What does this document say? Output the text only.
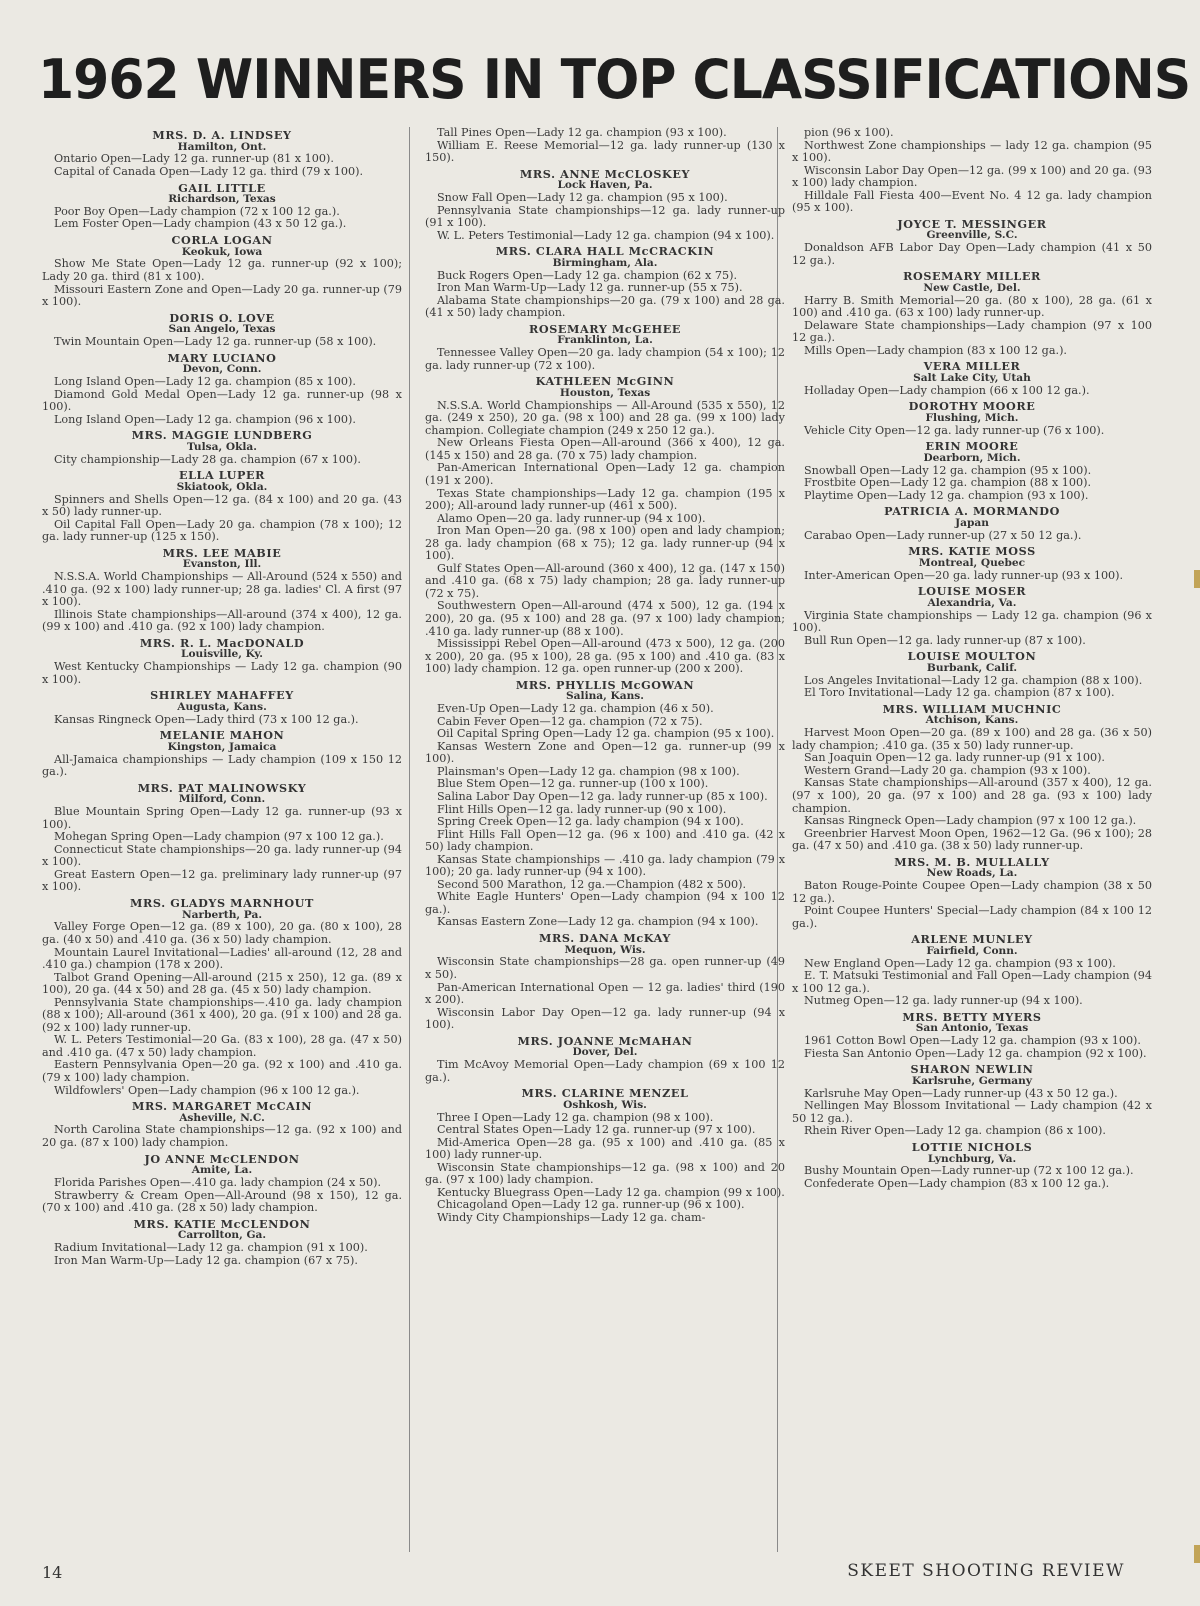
1962 WINNERS IN TOP CLASSIFICATIONS
MRS. D. A. LINDSEY
Hamilton, Ont.

Ontario Open—Lady 12 ga. runner-up (81 x 100).

Capital of Canada Open—Lady 12 ga. third (79 x 100).

GAIL LITTLE
Richardson, Texas

Poor Boy Open—Lady champion (72 x 100 12 ga.).

Lem Foster Open—Lady champion (43 x 50 12 ga.).

CORLA LOGAN
Keokuk, Iowa

Show Me State Open—Lady 12 ga. runner-up (92 x 100); Lady 20 ga. third (81 x 100).

Missouri Eastern Zone and Open—Lady 20 ga. runner-up (79 x 100).

DORIS O. LOVE
San Angelo, Texas

Twin Mountain Open—Lady 12 ga. runner-up (58 x 100).

MARY LUCIANO
Devon, Conn.

Long Island Open—Lady 12 ga. champion (85 x 100).

Diamond Gold Medal Open—Lady 12 ga. runner-up (98 x 100).

Long Island Open—Lady 12 ga. champion (96 x 100).

MRS. MAGGIE LUNDBERG
Tulsa, Okla.

City championship—Lady 28 ga. champion (67 x 100).

ELLA LUPER
Skiatook, Okla.

Spinners and Shells Open—12 ga. (84 x 100) and 20 ga. (43 x 50) lady runner-up.

Oil Capital Fall Open—Lady 20 ga. champion (78 x 100); 12 ga. lady runner-up (125 x 150).

MRS. LEE MABIE
Evanston, Ill.

N.S.S.A. World Championships — All-Around (524 x 550) and .410 ga. (92 x 100) lady runner-up; 28 ga. ladies' Cl. A first (97 x 100).

Illinois State championships—All-around (374 x 400), 12 ga. (99 x 100) and .410 ga. (92 x 100) lady champion.

MRS. R. L. MacDONALD
Louisville, Ky.

West Kentucky Championships — Lady 12 ga. champion (90 x 100).

SHIRLEY MAHAFFEY
Augusta, Kans.

Kansas Ringneck Open—Lady third (73 x 100 12 ga.).

MELANIE MAHON
Kingston, Jamaica

All-Jamaica championships — Lady champion (109 x 150 12 ga.).

MRS. PAT MALINOWSKY
Milford, Conn.

Blue Mountain Spring Open—Lady 12 ga. runner-up (93 x 100).

Mohegan Spring Open—Lady champion (97 x 100 12 ga.).

Connecticut State championships—20 ga. lady runner-up (94 x 100).

Great Eastern Open—12 ga. preliminary lady runner-up (97 x 100).

MRS. GLADYS MARNHOUT
Narberth, Pa.

Valley Forge Open—12 ga. (89 x 100), 20 ga. (80 x 100), 28 ga. (40 x 50) and .410 ga. (36 x 50) lady champion.

Mountain Laurel Invitational—Ladies' all-around (12, 28 and .410 ga.) champion (178 x 200).

Talbot Grand Opening—All-around (215 x 250), 12 ga. (89 x 100), 20 ga. (44 x 50) and 28 ga. (45 x 50) lady champion.

Pennsylvania State championships—.410 ga. lady champion (88 x 100); All-around (361 x 400), 20 ga. (91 x 100) and 28 ga. (92 x 100) lady runner-up.

W. L. Peters Testimonial—20 Ga. (83 x 100), 28 ga. (47 x 50) and .410 ga. (47 x 50) lady champion.

Eastern Pennsylvania Open—20 ga. (92 x 100) and .410 ga. (79 x 100) lady champion.

Wildfowlers' Open—Lady champion (96 x 100 12 ga.).

MRS. MARGARET McCAIN
Asheville, N.C.

North Carolina State championships—12 ga. (92 x 100) and 20 ga. (87 x 100) lady champion.

JO ANNE McCLENDON
Amite, La.

Florida Parishes Open—.410 ga. lady champion (24 x 50).

Strawberry & Cream Open—All-Around (98 x 150), 12 ga. (70 x 100) and .410 ga. (28 x 50) lady champion.

MRS. KATIE McCLENDON
Carrollton, Ga.

Radium Invitational—Lady 12 ga. champion (91 x 100).

Iron Man Warm-Up—Lady 12 ga. champion (67 x 75).

Tall Pines Open—Lady 12 ga. champion (93 x 100).

William E. Reese Memorial—12 ga. lady runner-up (130 x 150).

MRS. ANNE McCLOSKEY
Lock Haven, Pa.

Snow Fall Open—Lady 12 ga. champion (95 x 100).

Pennsylvania State championships—12 ga. lady runner-up (91 x 100).

W. L. Peters Testimonial—Lady 12 ga. champion (94 x 100).

MRS. CLARA HALL McCRACKIN
Birmingham, Ala.

Buck Rogers Open—Lady 12 ga. champion (62 x 75).

Iron Man Warm-Up—Lady 12 ga. runner-up (55 x 75).

Alabama State championships—20 ga. (79 x 100) and 28 ga. (41 x 50) lady champion.

ROSEMARY McGEHEE
Franklinton, La.

Tennessee Valley Open—20 ga. lady champion (54 x 100); 12 ga. lady runner-up (72 x 100).

KATHLEEN McGINN
Houston, Texas

N.S.S.A. World Championships — All-Around (535 x 550), 12 ga. (249 x 250), 20 ga. (98 x 100) and 28 ga. (99 x 100) lady champion. Collegiate champion (249 x 250 12 ga.).

New Orleans Fiesta Open—All-around (366 x 400), 12 ga. (145 x 150) and 28 ga. (70 x 75) lady champion.

Pan-American International Open—Lady 12 ga. champion (191 x 200).

Texas State championships—Lady 12 ga. champion (195 x 200); All-around lady runner-up (461 x 500).

Alamo Open—20 ga. lady runner-up (94 x 100).

Iron Man Open—20 ga. (98 x 100) open and lady champion; 28 ga. lady champion (68 x 75); 12 ga. lady runner-up (94 x 100).

Gulf States Open—All-around (360 x 400), 12 ga. (147 x 150) and .410 ga. (68 x 75) lady champion; 28 ga. lady runner-up (72 x 75).

Southwestern Open—All-around (474 x 500), 12 ga. (194 x 200), 20 ga. (95 x 100) and 28 ga. (97 x 100) lady champion; .410 ga. lady runner-up (88 x 100).

Mississippi Rebel Open—All-around (473 x 500), 12 ga. (200 x 200), 20 ga. (95 x 100), 28 ga. (95 x 100) and .410 ga. (83 x 100) lady champion. 12 ga. open runner-up (200 x 200).

MRS. PHYLLIS McGOWAN
Salina, Kans.

Even-Up Open—Lady 12 ga. champion (46 x 50).

Cabin Fever Open—12 ga. champion (72 x 75).

Oil Capital Spring Open—Lady 12 ga. champion (95 x 100).

Kansas Western Zone and Open—12 ga. runner-up (99 x 100).

Plainsman's Open—Lady 12 ga. champion (98 x 100).

Blue Stem Open—12 ga. runner-up (100 x 100).

Salina Labor Day Open—12 ga. lady runner-up (85 x 100).

Flint Hills Open—12 ga. lady runner-up (90 x 100).

Spring Creek Open—12 ga. lady champion (94 x 100).

Flint Hills Fall Open—12 ga. (96 x 100) and .410 ga. (42 x 50) lady champion.

Kansas State championships — .410 ga. lady champion (79 x 100); 20 ga. lady runner-up (94 x 100).

Second 500 Marathon, 12 ga.—Champion (482 x 500).

White Eagle Hunters' Open—Lady champion (94 x 100 12 ga.).

Kansas Eastern Zone—Lady 12 ga. champion (94 x 100).

MRS. DANA McKAY
Mequon, Wis.

Wisconsin State championships—28 ga. open runner-up (49 x 50).

Pan-American International Open — 12 ga. ladies' third (190 x 200).

Wisconsin Labor Day Open—12 ga. lady runner-up (94 x 100).

MRS. JOANNE McMAHAN
Dover, Del.

Tim McAvoy Memorial Open—Lady champion (69 x 100 12 ga.).

MRS. CLARINE MENZEL
Oshkosh, Wis.

Three I Open—Lady 12 ga. champion (98 x 100).

Central States Open—Lady 12 ga. runner-up (97 x 100).

Mid-America Open—28 ga. (95 x 100) and .410 ga. (85 x 100) lady runner-up.

Wisconsin State championships—12 ga. (98 x 100) and 20 ga. (97 x 100) lady champion.

Kentucky Bluegrass Open—Lady 12 ga. champion (99 x 100).

Chicagoland Open—Lady 12 ga. runner-up (96 x 100).

Windy City Championships—Lady 12 ga. cham-

pion (96 x 100).

Northwest Zone championships — lady 12 ga. champion (95 x 100).

Wisconsin Labor Day Open—12 ga. (99 x 100) and 20 ga. (93 x 100) lady champion.

Hilldale Fall Fiesta 400—Event No. 4 12 ga. lady champion (95 x 100).

JOYCE T. MESSINGER
Greenville, S.C.

Donaldson AFB Labor Day Open—Lady champion (41 x 50 12 ga.).

ROSEMARY MILLER
New Castle, Del.

Harry B. Smith Memorial—20 ga. (80 x 100), 28 ga. (61 x 100) and .410 ga. (63 x 100) lady runner-up.

Delaware State championships—Lady champion (97 x 100 12 ga.).

Mills Open—Lady champion (83 x 100 12 ga.).

VERA MILLER
Salt Lake City, Utah

Holladay Open—Lady champion (66 x 100 12 ga.).

DOROTHY MOORE
Flushing, Mich.

Vehicle City Open—12 ga. lady runner-up (76 x 100).

ERIN MOORE
Dearborn, Mich.

Snowball Open—Lady 12 ga. champion (95 x 100).

Frostbite Open—Lady 12 ga. champion (88 x 100).

Playtime Open—Lady 12 ga. champion (93 x 100).

PATRICIA A. MORMANDO
Japan

Carabao Open—Lady runner-up (27 x 50 12 ga.).

MRS. KATIE MOSS
Montreal, Quebec

Inter-American Open—20 ga. lady runner-up (93 x 100).

LOUISE MOSER
Alexandria, Va.

Virginia State championships — Lady 12 ga. champion (96 x 100).

Bull Run Open—12 ga. lady runner-up (87 x 100).

LOUISE MOULTON
Burbank, Calif.

Los Angeles Invitational—Lady 12 ga. champion (88 x 100).

El Toro Invitational—Lady 12 ga. champion (87 x 100).

MRS. WILLIAM MUCHNIC
Atchison, Kans.

Harvest Moon Open—20 ga. (89 x 100) and 28 ga. (36 x 50) lady champion; .410 ga. (35 x 50) lady runner-up.

San Joaquin Open—12 ga. lady runner-up (91 x 100).

Western Grand—Lady 20 ga. champion (93 x 100).

Kansas State championships—All-around (357 x 400), 12 ga. (97 x 100), 20 ga. (97 x 100) and 28 ga. (93 x 100) lady champion.

Kansas Ringneck Open—Lady champion (97 x 100 12 ga.).

Greenbrier Harvest Moon Open, 1962—12 Ga. (96 x 100); 28 ga. (47 x 50) and .410 ga. (38 x 50) lady runner-up.

MRS. M. B. MULLALLY
New Roads, La.

Baton Rouge-Pointe Coupee Open—Lady champion (38 x 50 12 ga.).

Point Coupee Hunters' Special—Lady champion (84 x 100 12 ga.).

ARLENE MUNLEY
Fairfield, Conn.

New England Open—Lady 12 ga. champion (93 x 100).

E. T. Matsuki Testimonial and Fall Open—Lady champion (94 x 100 12 ga.).

Nutmeg Open—12 ga. lady runner-up (94 x 100).

MRS. BETTY MYERS
San Antonio, Texas

1961 Cotton Bowl Open—Lady 12 ga. champion (93 x 100).

Fiesta San Antonio Open—Lady 12 ga. champion (92 x 100).

SHARON NEWLIN
Karlsruhe, Germany

Karlsruhe May Open—Lady runner-up (43 x 50 12 ga.).

Nellingen May Blossom Invitational — Lady champion (42 x 50 12 ga.).

Rhein River Open—Lady 12 ga. champion (86 x 100).

LOTTIE NICHOLS
Lynchburg, Va.

Bushy Mountain Open—Lady runner-up (72 x 100 12 ga.).

Confederate Open—Lady champion (83 x 100 12 ga.).

14	SKEET SHOOTING REVIEW
